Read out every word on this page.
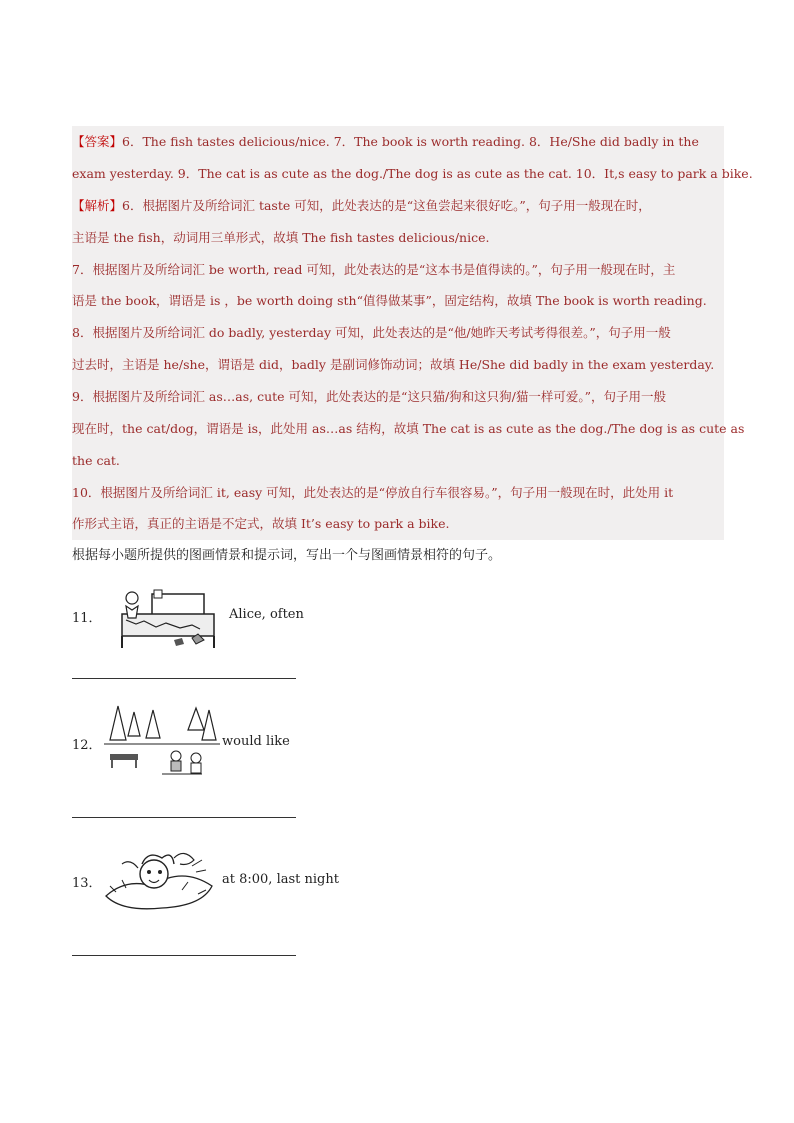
【答案】6．The fish tastes delicious/nice. 7．The book is worth reading. 8．He/She did badly in the
exam yesterday. 9．The cat is as cute as the dog./The dog is as cute as the cat. 10．It,s easy to park a bike.
【解析】6．根据图片及所给词汇 taste 可知，此处表达的是“这鱼尝起来很好吃。”，句子用一般现在时，
主语是 the fish，动词用三单形式，故填 The fish tastes delicious/nice.
7．根据图片及所给词汇 be worth, read 可知，此处表达的是“这本书是值得读的。”，句子用一般现在时，主
语是 the book，谓语是 is ，be worth doing sth“值得做某事”，固定结构，故填 The book is worth reading.
8．根据图片及所给词汇 do badly, yesterday 可知，此处表达的是“他/她昨天考试考得很差。”，句子用一般
过去时，主语是 he/she，谓语是 did，badly 是副词修饰动词；故填 He/She did badly in the exam yesterday.
9．根据图片及所给词汇 as…as, cute 可知，此处表达的是“这只猫/狗和这只狗/猫一样可爱。”，句子用一般
现在时，the cat/dog，谓语是 is，此处用 as…as 结构，故填 The cat is as cute as the dog./The dog is as cute as
the cat.
10．根据图片及所给词汇 it, easy 可知，此处表达的是“停放自行车很容易。”，句子用一般现在时，此处用 it
作形式主语，真正的主语是不定式，故填 It’s easy to park a bike.
根据每小题所提供的图画情景和提示词，写出一个与图画情景相符的句子。
11．	Alice, often
12．	would like
13．	at 8:00, last night
